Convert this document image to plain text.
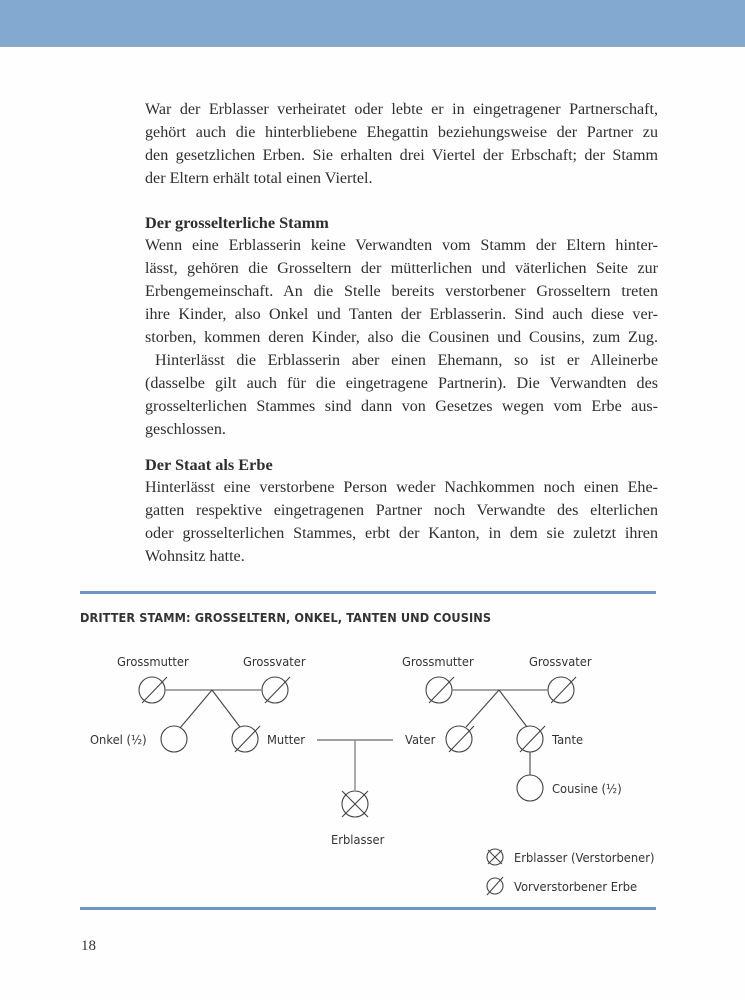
War der Erblasser verheiratet oder lebte er in eingetragener Partnerschaft,
gehört auch die hinterbliebene Ehegattin beziehungsweise der Partner zu
den gesetzlichen Erben. Sie erhalten drei Viertel der Erbschaft; der Stamm
der Eltern erhält total einen Viertel.
Der grosselterliche Stamm
Wenn eine Erblasserin keine Verwandten vom Stamm der Eltern hinter-
lässt, gehören die Grosseltern der mütterlichen und väterlichen Seite zur
Erbengemeinschaft. An die Stelle bereits verstorbener Grosseltern treten
ihre Kinder, also Onkel und Tanten der Erblasserin. Sind auch diese ver-
storben, kommen deren Kinder, also die Cousinen und Cousins, zum Zug.
Hinterlässt die Erblasserin aber einen Ehemann, so ist er Alleinerbe
(dasselbe gilt auch für die eingetragene Partnerin). Die Verwandten des
grosselterlichen Stammes sind dann von Gesetzes wegen vom Erbe aus-
geschlossen.
Der Staat als Erbe
Hinterlässt eine verstorbene Person weder Nachkommen noch einen Ehe-
gatten respektive eingetragenen Partner noch Verwandte des elterlichen
oder grosselterlichen Stammes, erbt der Kanton, in dem sie zuletzt ihren
Wohnsitz hatte.
DRITTER STAMM: GROSSELTERN, ONKEL, TANTEN UND COUSINS
Grossmutter	Grossvater	Grossmutter	Grossvater
Onkel (½)	Mutter	Vater	Tante
Cousine (½)
Erblasser
Erblasser (Verstorbener)
Vorverstorbener Erbe
18
